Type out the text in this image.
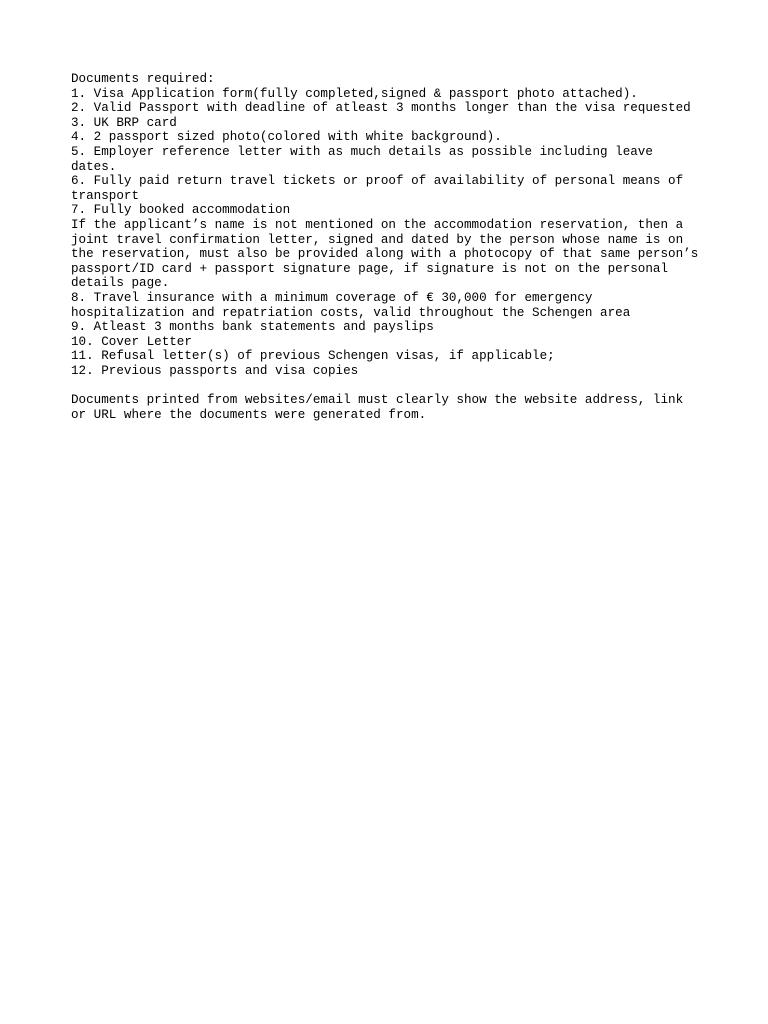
Documents required:
1. Visa Application form(fully completed,signed & passport photo attached).
2. Valid Passport with deadline of atleast 3 months longer than the visa requested
3. UK BRP card
4. 2 passport sized photo(colored with white background).
5. Employer reference letter with as much details as possible including leave
dates.
6. Fully paid return travel tickets or proof of availability of personal means of
transport
7. Fully booked accommodation
If the applicant’s name is not mentioned on the accommodation reservation, then a
joint travel confirmation letter, signed and dated by the person whose name is on
the reservation, must also be provided along with a photocopy of that same person’s
passport/ID card + passport signature page, if signature is not on the personal
details page.
8. Travel insurance with a minimum coverage of € 30,000 for emergency
hospitalization and repatriation costs, valid throughout the Schengen area
9. Atleast 3 months bank statements and payslips
10. Cover Letter
11. Refusal letter(s) of previous Schengen visas, if applicable;
12. Previous passports and visa copies
Documents printed from websites/email must clearly show the website address, link
or URL where the documents were generated from.
